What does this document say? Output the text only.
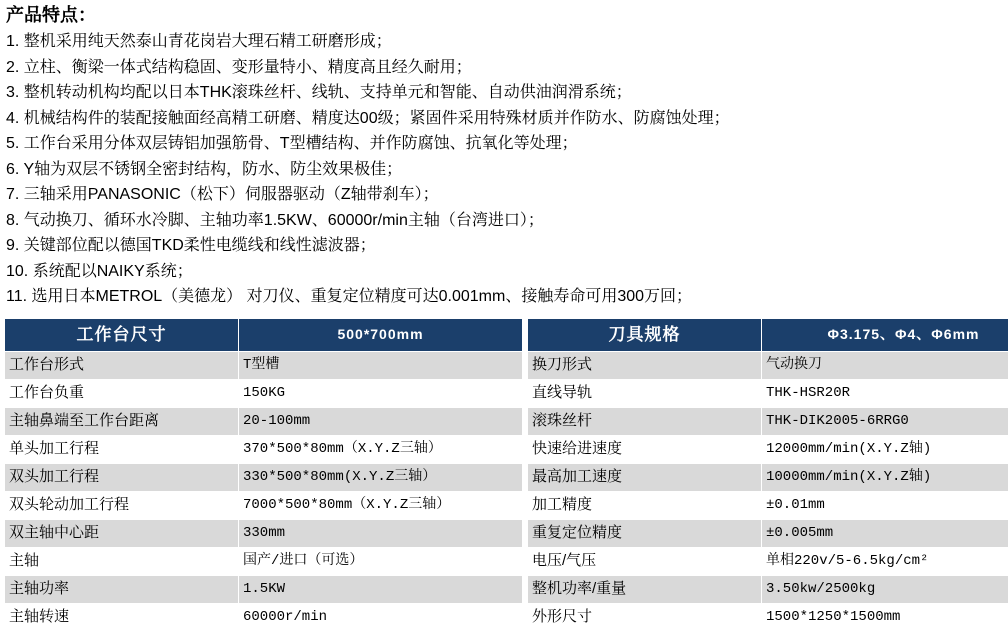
产品特点：
1. 整机采用纯天然泰山青花岗岩大理石精工研磨形成；
2. 立柱、衡梁一体式结构稳固、变形量特小、精度高且经久耐用；
3. 整机转动机构均配以日本THK滚珠丝杆、线轨、支持单元和智能、自动供油润滑系统；
4. 机械结构件的装配接触面经高精工研磨、精度达00级；紧固件采用特殊材质并作防水、防腐蚀处理；
5. 工作台采用分体双层铸铝加强筋骨、T型槽结构、并作防腐蚀、抗氧化等处理；
6. Y轴为双层不锈钢全密封结构，防水、防尘效果极佳；
7. 三轴采用PANASONIC（松下）伺服器驱动（Z轴带刹车）；
8. 气动换刀、循环水冷脚、主轴功率1.5KW、60000r/min主轴（台湾进口）；
9. 关键部位配以德国TKD柔性电缆线和线性滤波器；
10. 系统配以NAIKY系统；
11. 选用日本METROL（美德龙） 对刀仪、重复定位精度可达0.001mm、接触寿命可用300万回；
工作台尺寸	500*700mm
工作台形式	T型槽
工作台负重	150KG
主轴鼻端至工作台距离	20-100mm
单头加工行程	370*500*80mm（X.Y.Z三轴）
双头加工行程	330*500*80mm(X.Y.Z三轴）
双头轮动加工行程	7000*500*80mm（X.Y.Z三轴）
双主轴中心距	330mm
主轴	国产/进口（可选）
主轴功率	1.5KW
主轴转速	60000r/min
刀具规格	Φ3.175、Φ4、Φ6mm
换刀形式	气动换刀
直线导轨	THK-HSR20R
滚珠丝杆	THK-DIK2005-6RRG0
快速给进速度	12000mm/min(X.Y.Z轴)
最高加工速度	10000mm/min(X.Y.Z轴)
加工精度	±0.01mm
重复定位精度	±0.005mm
电压/气压	单相220v/5-6.5kg/cm²
整机功率/重量	3.50kw/2500kg
外形尺寸	1500*1250*1500mm
